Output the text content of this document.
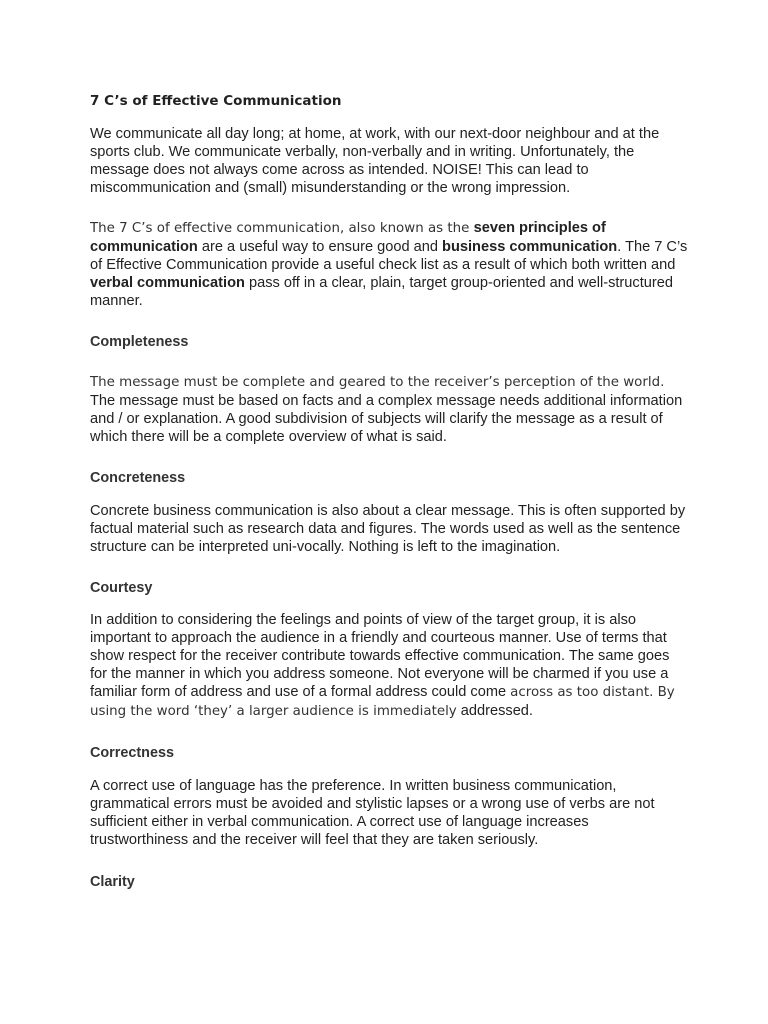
7 C’s of Effective Communication

We communicate all day long; at home, at work, with our next-door neighbour and at the sports club. We communicate verbally, non-verbally and in writing. Unfortunately, the message does not always come across as intended. NOISE! This can lead to miscommunication and (small) misunderstanding or the wrong impression.

The 7 C’s of effective communication, also known as the seven principles of communication are a useful way to ensure good and business communication. The 7 C’s of Effective Communication provide a useful check list as a result of which both written and verbal communication pass off in a clear, plain, target group-oriented and well-structured manner.

Completeness

The message must be complete and geared to the receiver’s perception of the world. The message must be based on facts and a complex message needs additional information and / or explanation. A good subdivision of subjects will clarify the message as a result of which there will be a complete overview of what is said.

Concreteness

Concrete business communication is also about a clear message. This is often supported by factual material such as research data and figures. The words used as well as the sentence structure can be interpreted uni-vocally. Nothing is left to the imagination.

Courtesy

In addition to considering the feelings and points of view of the target group, it is also important to approach the audience in a friendly and courteous manner. Use of terms that show respect for the receiver contribute towards effective communication. The same goes for the manner in which you address someone. Not everyone will be charmed if you use a familiar form of address and use of a formal address could come across as too distant. By using the word ‘they’ a larger audience is immediately addressed.

Correctness

A correct use of language has the preference. In written business communication, grammatical errors must be avoided and stylistic lapses or a wrong use of verbs are not sufficient either in verbal communication. A correct use of language increases trustworthiness and the receiver will feel that they are taken seriously.

Clarity
